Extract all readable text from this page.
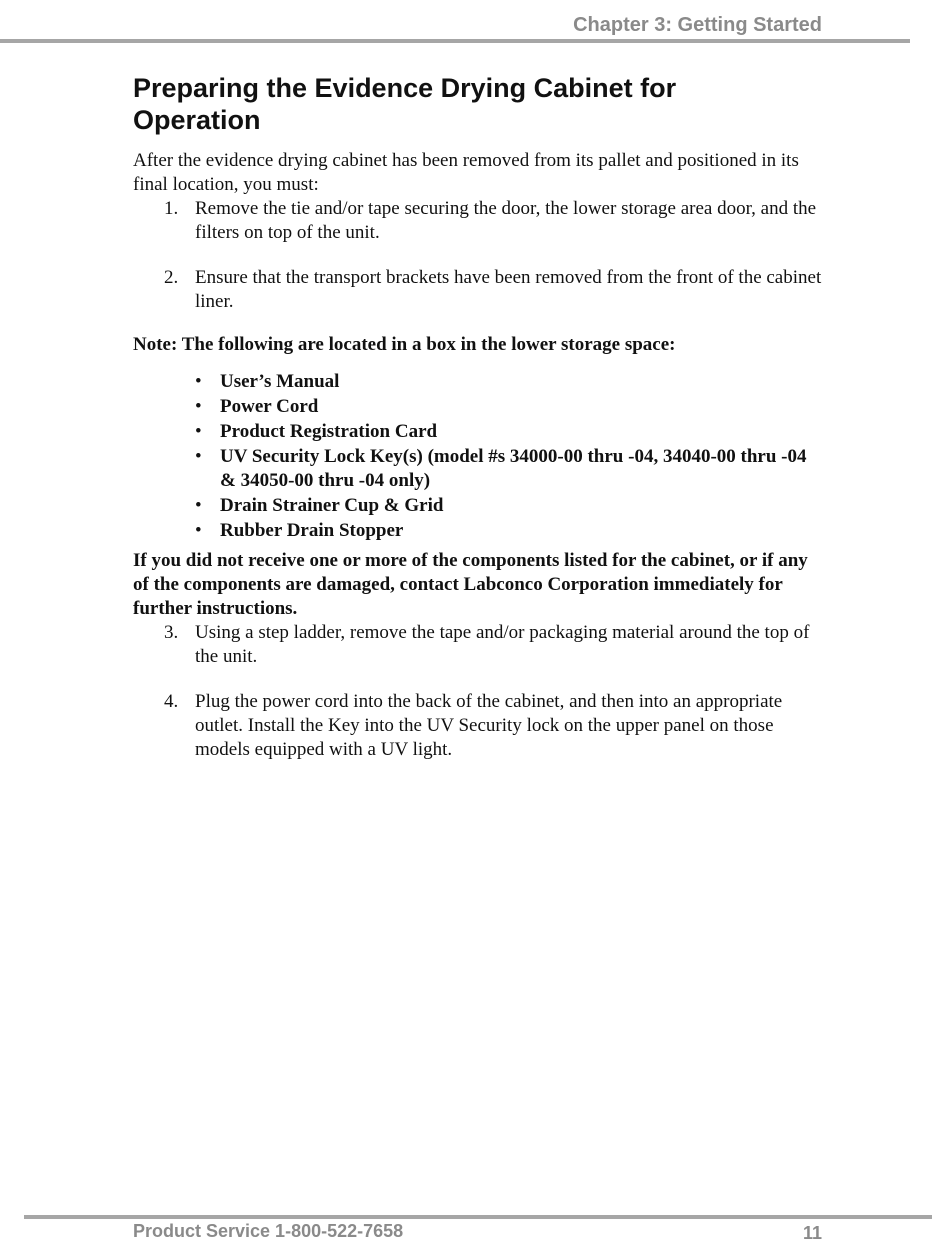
Chapter 3: Getting Started
Preparing the Evidence Drying Cabinet for Operation

After the evidence drying cabinet has been removed from its pallet and positioned in its final location, you must:

1. Remove the tie and/or tape securing the door, the lower storage area door, and the filters on top of the unit.
2. Ensure that the transport brackets have been removed from the front of the cabinet liner.

Note: The following are located in a box in the lower storage space:

• User’s Manual
• Power Cord
• Product Registration Card
• UV Security Lock Key(s) (model #s 34000-00 thru -04, 34040-00 thru -04 & 34050-00 thru -04 only)
• Drain Strainer Cup & Grid
• Rubber Drain Stopper

If you did not receive one or more of the components listed for the cabinet, or if any of the components are damaged, contact Labconco Corporation immediately for further instructions.

3. Using a step ladder, remove the tape and/or packaging material around the top of the unit.
4. Plug the power cord into the back of the cabinet, and then into an appropriate outlet. Install the Key into the UV Security lock on the upper panel on those models equipped with a UV light.
Product Service 1-800-522-7658	11
